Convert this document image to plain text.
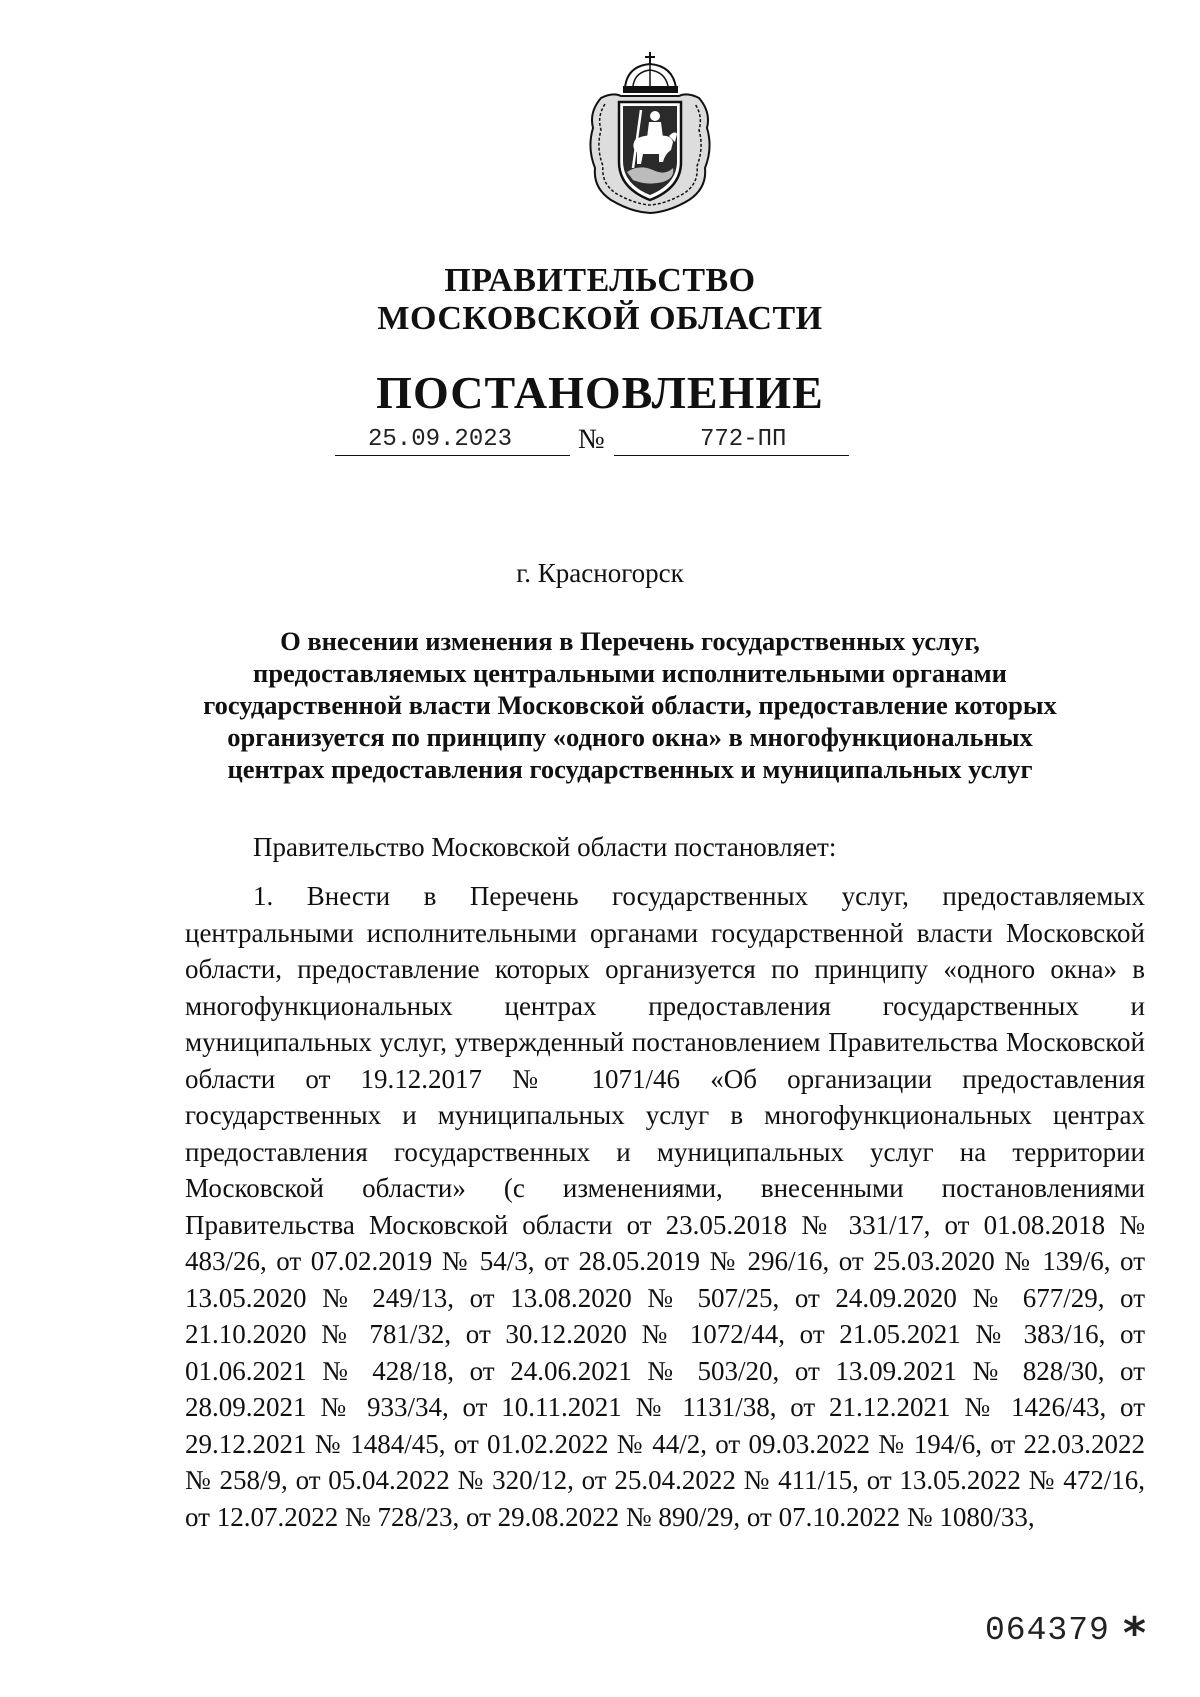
ПРАВИТЕЛЬСТВО
МОСКОВСКОЙ ОБЛАСТИ
ПОСТАНОВЛЕНИЕ
25.09.2023 №	772-ПП
г. Красногорск
О внесении изменения в Перечень государственных услуг, предоставляемых центральными исполнительными органами государственной власти Московской области, предоставление которых организуется по принципу «одного окна» в многофункциональных центрах предоставления государственных и муниципальных услуг
Правительство Московской области постановляет:

1. Внести в Перечень государственных услуг, предоставляемых центральными исполнительными органами государственной власти Московской области, предоставление которых организуется по принципу «одного окна» в многофункциональных центрах предоставления государственных и муниципальных услуг, утвержденный постановлением Правительства Московской области от 19.12.2017 № 1071/46 «Об организации предоставления государственных и муниципальных услуг в многофункциональных центрах предоставления государственных и муниципальных услуг на территории Московской области» (с изменениями, внесенными постановлениями Правительства Московской области от 23.05.2018 № 331/17, от 01.08.2018 № 483/26, от 07.02.2019 № 54/3, от 28.05.2019 № 296/16, от 25.03.2020 № 139/6, от 13.05.2020 № 249/13, от 13.08.2020 № 507/25, от 24.09.2020 № 677/29, от 21.10.2020 № 781/32, от 30.12.2020 № 1072/44, от 21.05.2021 № 383/16, от 01.06.2021 № 428/18, от 24.06.2021 № 503/20, от 13.09.2021 № 828/30, от 28.09.2021 № 933/34, от 10.11.2021 № 1131/38, от 21.12.2021 № 1426/43, от 29.12.2021 № 1484/45, от 01.02.2022 № 44/2, от 09.03.2022 № 194/6, от 22.03.2022 № 258/9, от 05.04.2022 № 320/12, от 25.04.2022 № 411/15, от 13.05.2022 № 472/16, от 12.07.2022 № 728/23, от 29.08.2022 № 890/29, от 07.10.2022 № 1080/33,

064379 *
